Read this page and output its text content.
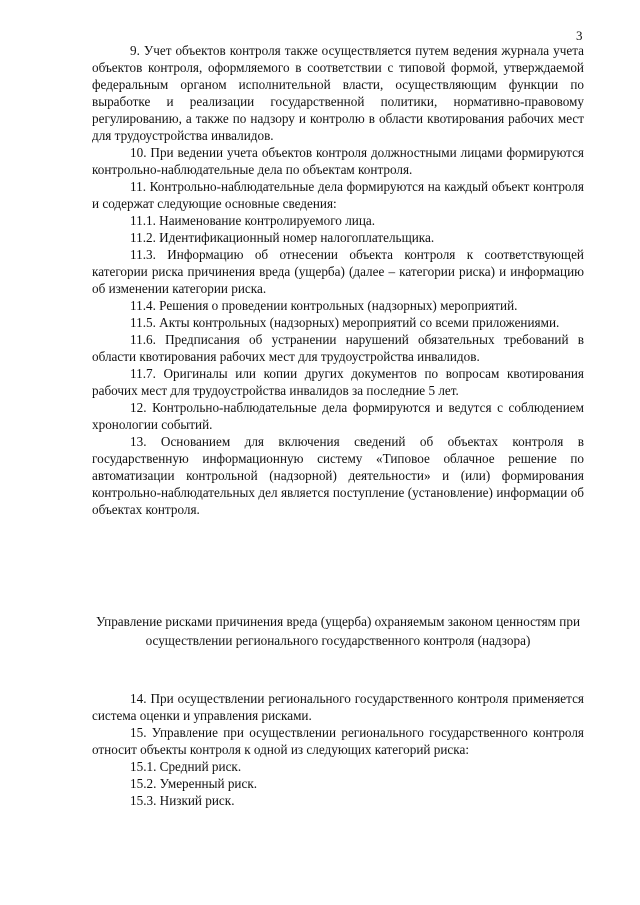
3

9. Учет объектов контроля также осуществляется путем ведения журнала учета объектов контроля, оформляемого в соответствии с типовой формой, утверждаемой федеральным органом исполнительной власти, осуществляющим функции по выработке и реализации государственной политики, нормативно-правовому регулированию, а также по надзору и контролю в области квотирования рабочих мест для трудоустройства инвалидов.

10. При ведении учета объектов контроля должностными лицами формируются контрольно-наблюдательные дела по объектам контроля.

11. Контрольно-наблюдательные дела формируются на каждый объект контроля и содержат следующие основные сведения:

11.1. Наименование контролируемого лица.

11.2. Идентификационный номер налогоплательщика.

11.3. Информацию об отнесении объекта контроля к соответствующей категории риска причинения вреда (ущерба) (далее – категории риска) и информацию об изменении категории риска.

11.4. Решения о проведении контрольных (надзорных) мероприятий.

11.5. Акты контрольных (надзорных) мероприятий со всеми приложениями.

11.6. Предписания об устранении нарушений обязательных требований в области квотирования рабочих мест для трудоустройства инвалидов.

11.7. Оригиналы или копии других документов по вопросам квотирования рабочих мест для трудоустройства инвалидов за последние 5 лет.

12. Контрольно-наблюдательные дела формируются и ведутся с соблюдением хронологии событий.

13. Основанием для включения сведений об объектах контроля в государственную информационную систему «Типовое облачное решение по автоматизации контрольной (надзорной) деятельности» и (или) формирования контрольно-наблюдательных дел является поступление (установление) информации об объектах контроля.

Управление рисками причинения вреда (ущерба) охраняемым законом ценностям при осуществлении регионального государственного контроля (надзора)

14. При осуществлении регионального государственного контроля применяется система оценки и управления рисками.

15. Управление при осуществлении регионального государственного контроля относит объекты контроля к одной из следующих категорий риска:

15.1. Средний риск.

15.2. Умеренный риск.

15.3. Низкий риск.
